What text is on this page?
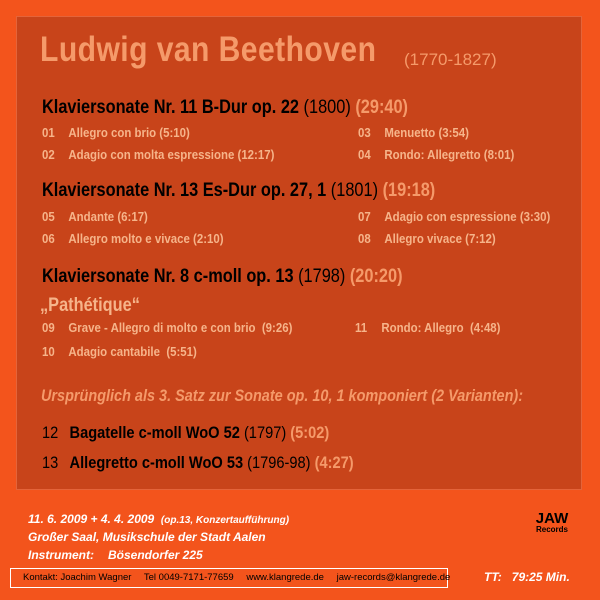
Ludwig van Beethoven (1770-1827)
Klaviersonate Nr. 11 B-Dur op. 22 (1800) (29:40)
01 Allegro con brio (5:10)
02 Adagio con molta espressione (12:17)
03 Menuetto (3:54)
04 Rondo: Allegretto (8:01)
Klaviersonate Nr. 13 Es-Dur op. 27, 1 (1801) (19:18)
05 Andante (6:17)
06 Allegro molto e vivace (2:10)
07 Adagio con espressione (3:30)
08 Allegro vivace (7:12)
Klaviersonate Nr. 8 c-moll op. 13 (1798) (20:20)
„Pathétique“
09 Grave - Allegro di molto e con brio (9:26)
10 Adagio cantabile (5:51)
11 Rondo: Allegro (4:48)
Ursprünglich als 3. Satz zur Sonate op. 10, 1 komponiert (2 Varianten):
12 Bagatelle c-moll WoO 52 (1797) (5:02)
13 Allegretto c-moll WoO 53 (1796-98) (4:27)
11. 6. 2009 + 4. 4. 2009 (op.13, Konzertaufführung)
Großer Saal, Musikschule der Stadt Aalen
Instrument: Bösendorfer 225
JAW
Records
Kontakt: Joachim Wagner Tel 0049-7171-77659 www.klangrede.de jaw-records@klangrede.de	TT: 79:25 Min.
